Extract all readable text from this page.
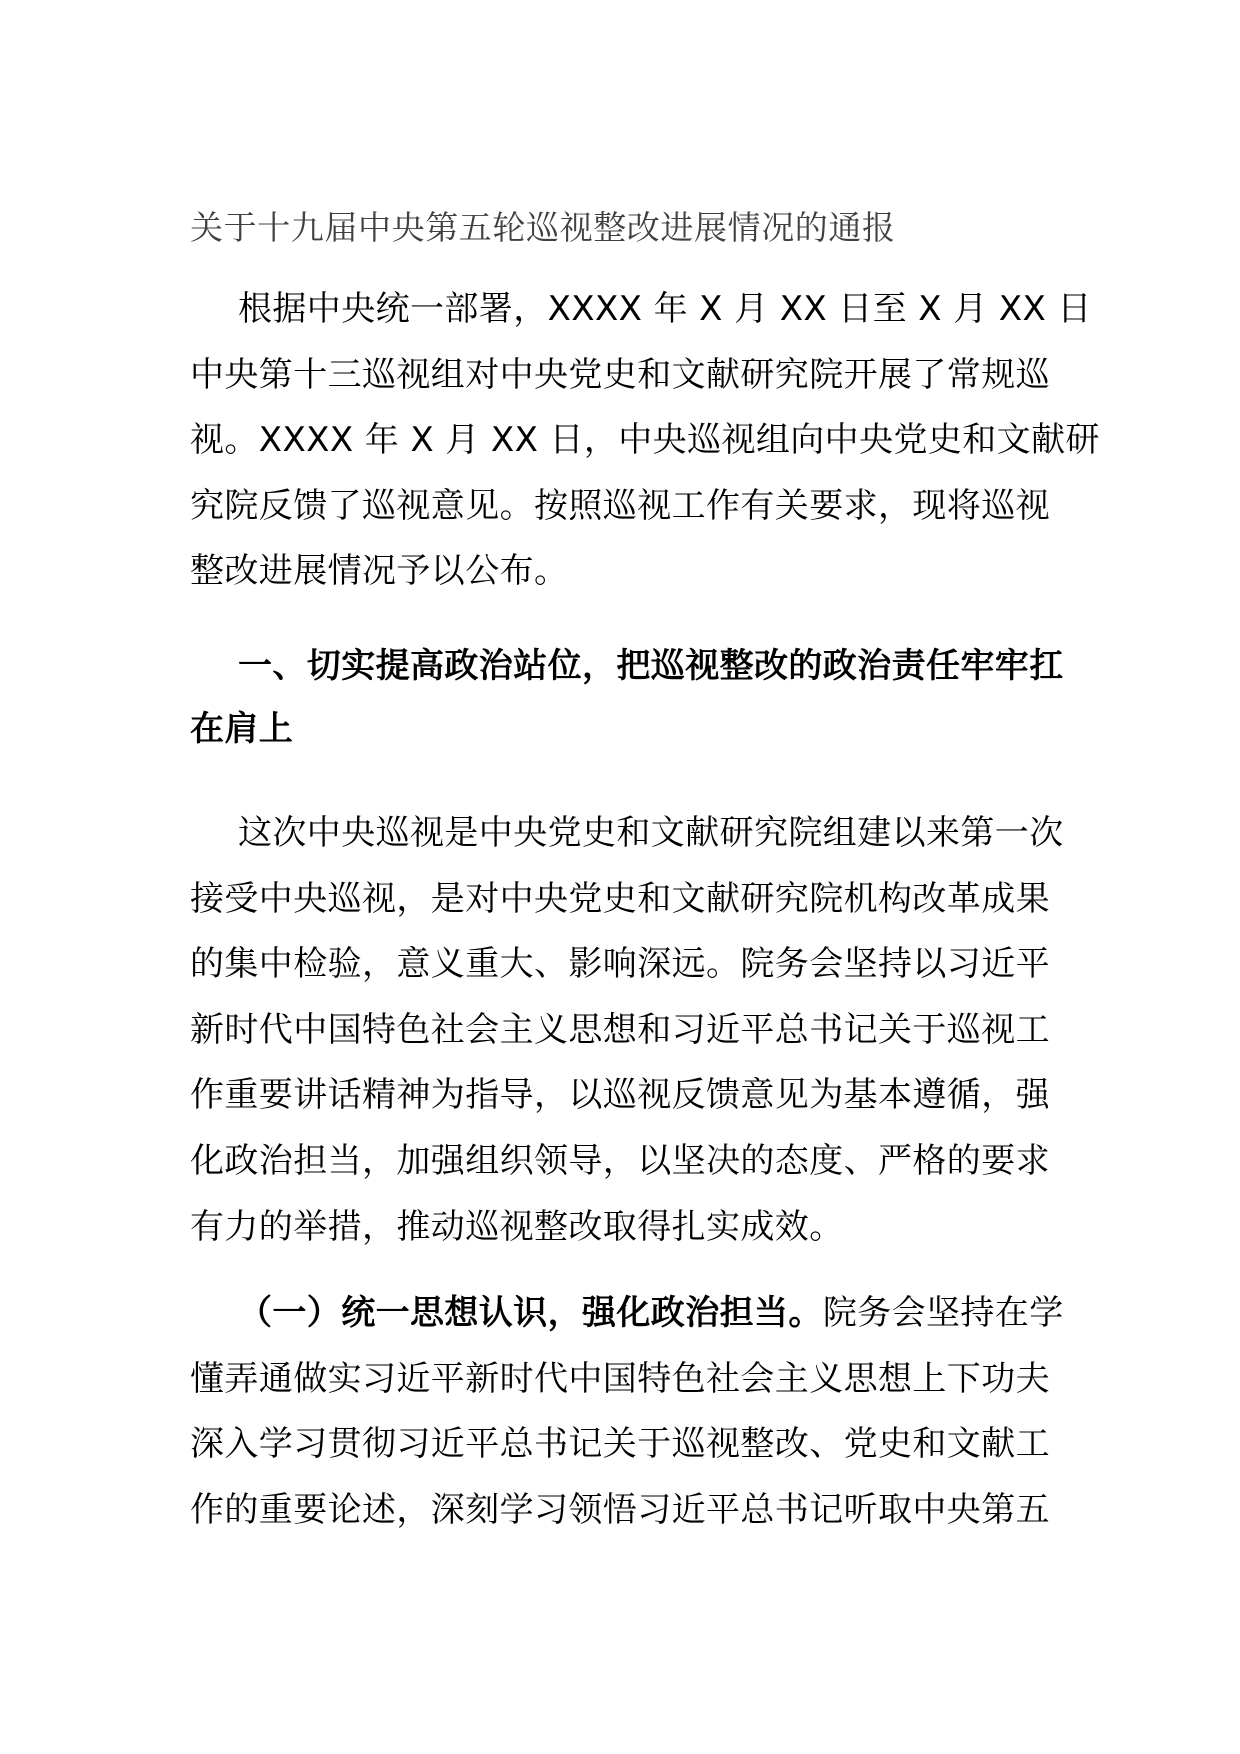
关于十九届中央第五轮巡视整改进展情况的通报
根据中央统一部署，XXXX 年 X 月 XX 日至 X 月 XX 日
中央第十三巡视组对中央党史和文献研究院开展了常规巡
视。XXXX 年 X 月 XX 日，中央巡视组向中央党史和文献研
究院反馈了巡视意见。按照巡视工作有关要求，现将巡视
整改进展情况予以公布。
一、切实提高政治站位，把巡视整改的政治责任牢牢扛
在肩上
这次中央巡视是中央党史和文献研究院组建以来第一次
接受中央巡视，是对中央党史和文献研究院机构改革成果
的集中检验，意义重大、影响深远。院务会坚持以习近平
新时代中国特色社会主义思想和习近平总书记关于巡视工
作重要讲话精神为指导，以巡视反馈意见为基本遵循，强
化政治担当，加强组织领导，以坚决的态度、严格的要求
有力的举措，推动巡视整改取得扎实成效。
（一）统一思想认识，强化政治担当。院务会坚持在学
懂弄通做实习近平新时代中国特色社会主义思想上下功夫
深入学习贯彻习近平总书记关于巡视整改、党史和文献工
作的重要论述，深刻学习领悟习近平总书记听取中央第五
